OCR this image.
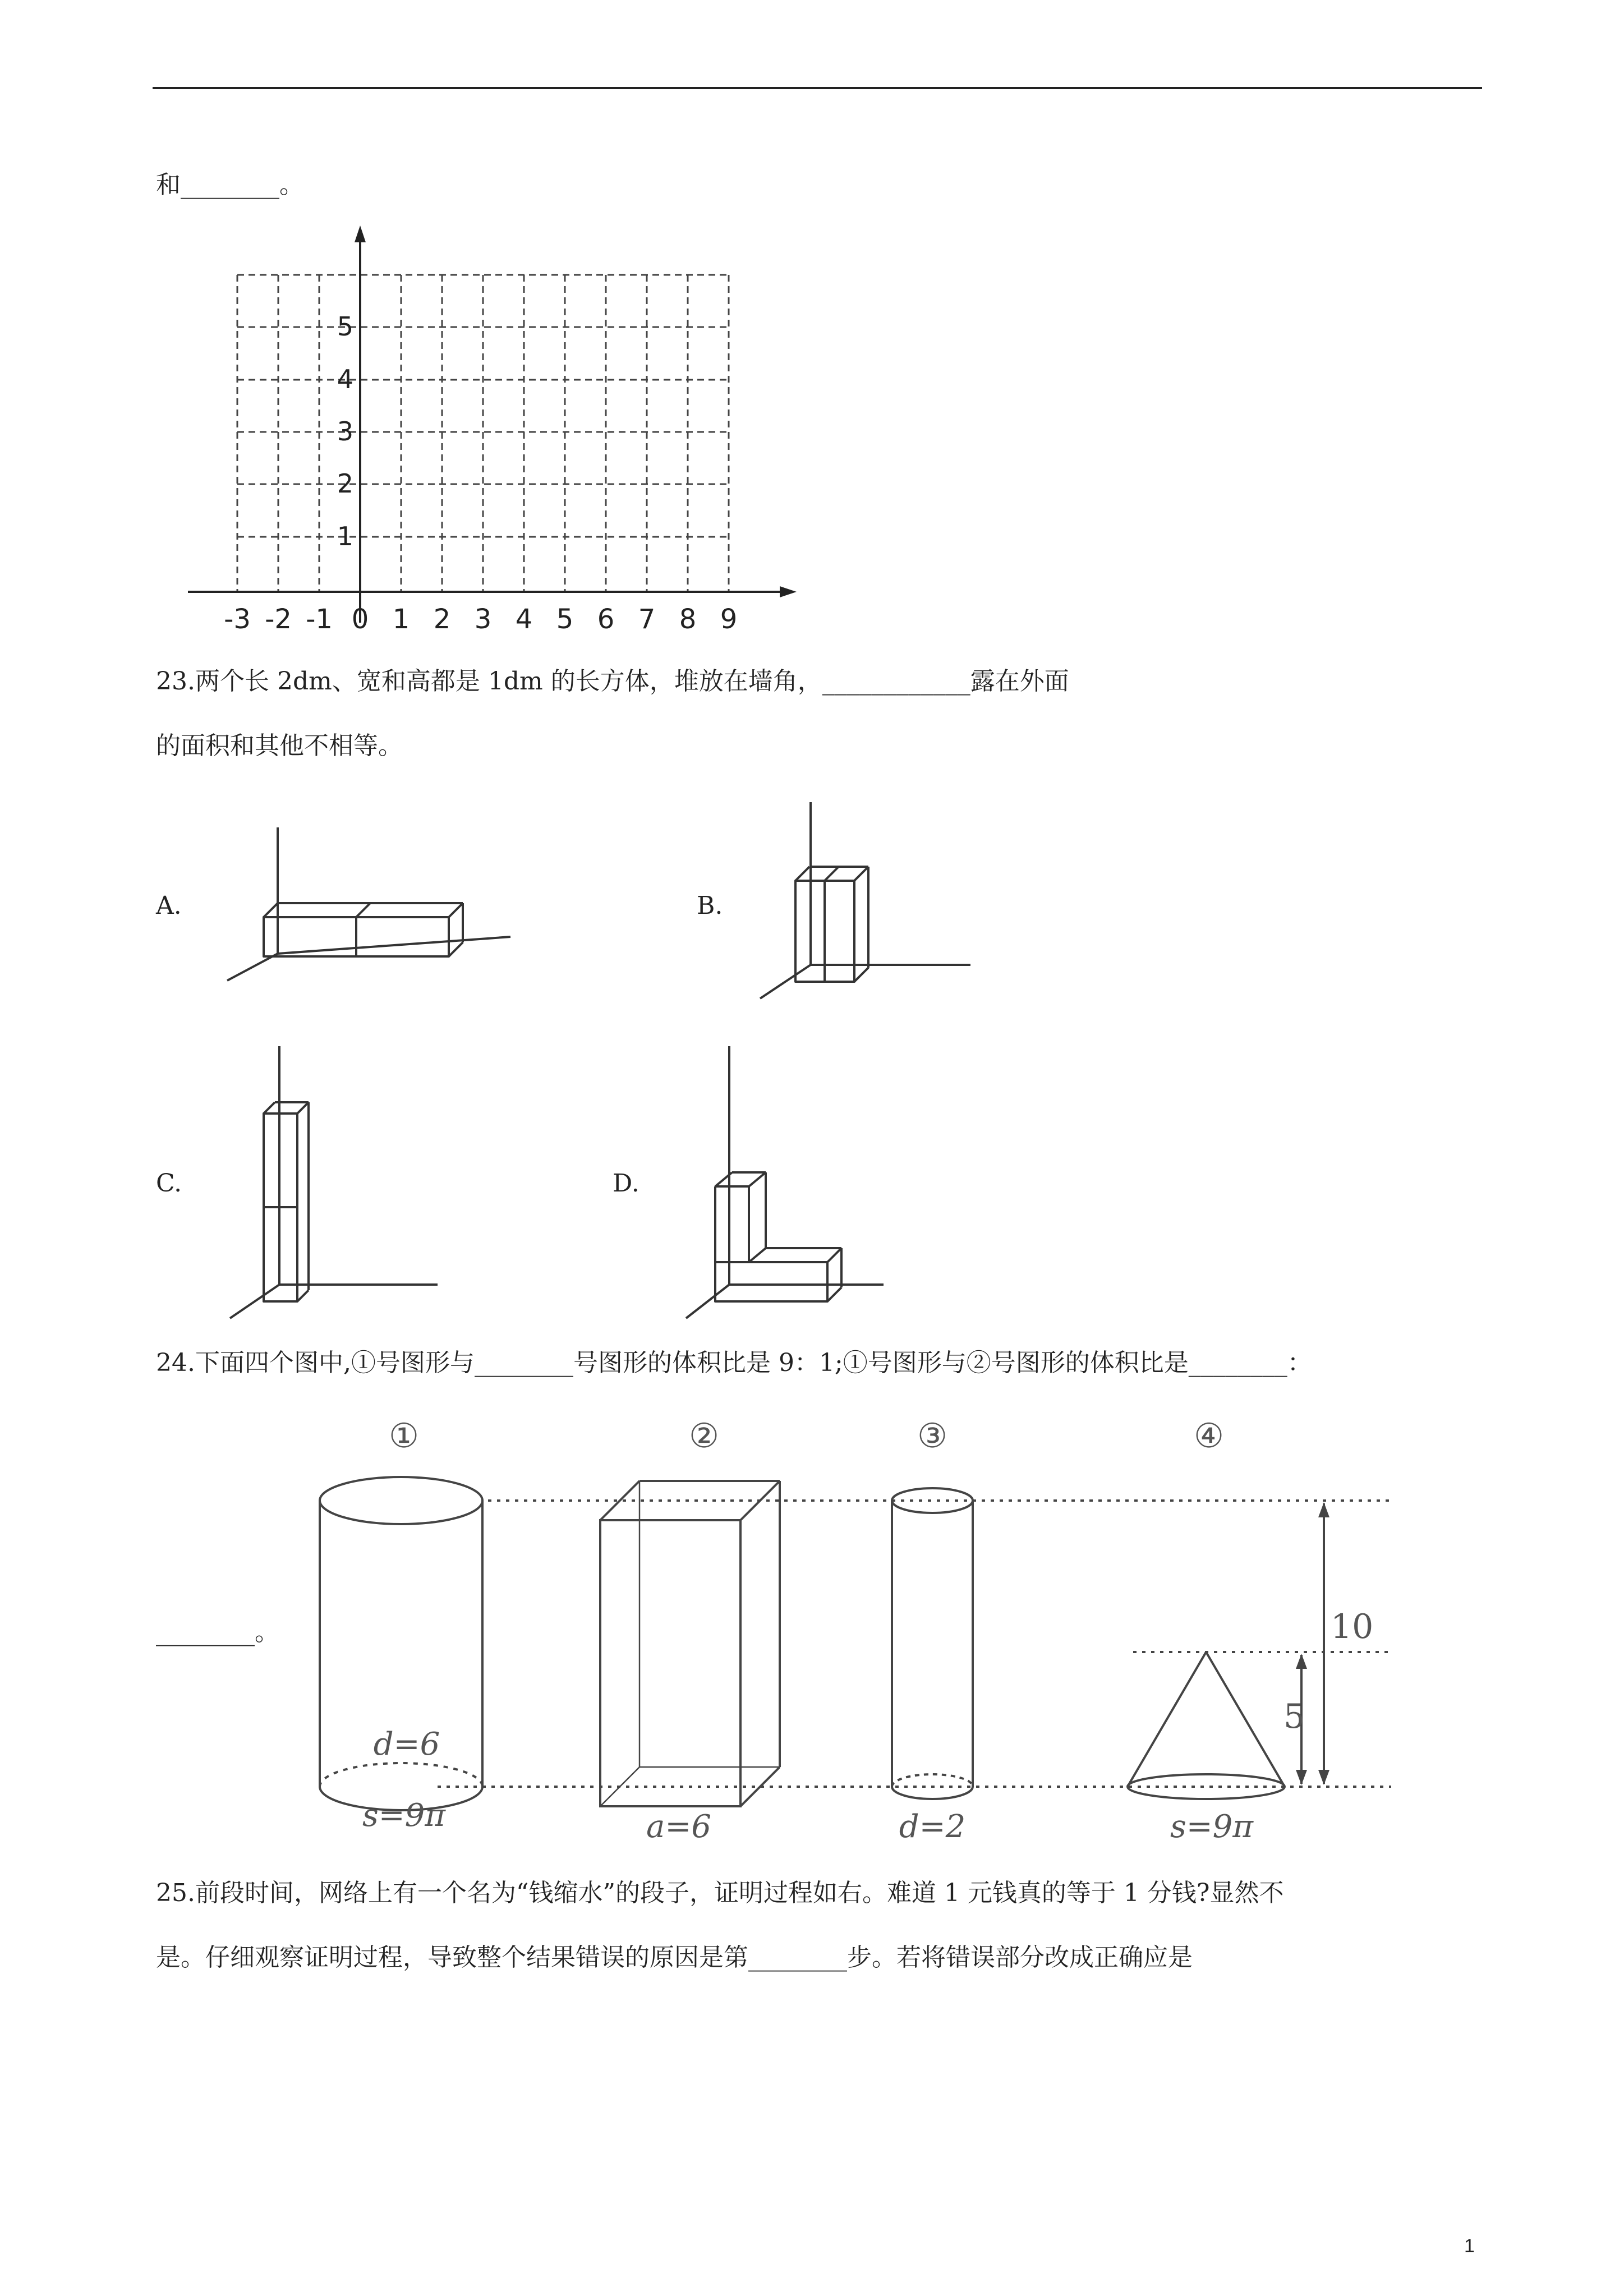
和________。
-3 -2 -1 0 1 2 3 4 5 6 7 8 9
1
2
3
4
5
23.两个长 2dm、宽和高都是 1dm 的长方体，堆放在墙角，____________露在外面
的面积和其他不相等。
A.	B.
C.	D.
24.下面四个图中,①号图形与________号图形的体积比是 9：1;①号图形与②号图形的体积比是________：
________。
①	②	③	④
d=6
s=9π	a=6	d=2	s=9π
10
5
25.前段时间，网络上有一个名为“钱缩水”的段子，证明过程如右。难道 1 元钱真的等于 1 分钱?显然不
是。仔细观察证明过程，导致整个结果错误的原因是第________步。若将错误部分改成正确应是
1
